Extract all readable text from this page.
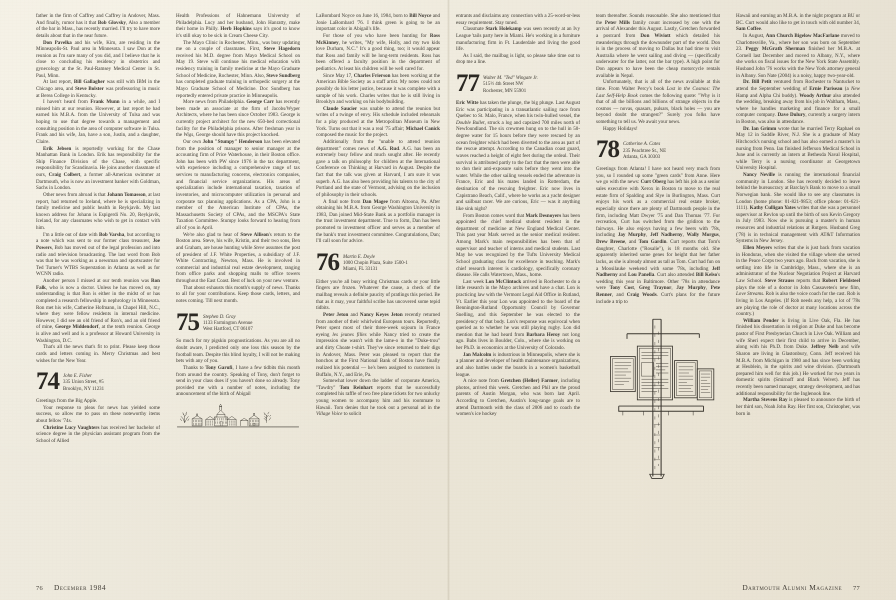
father in the firm of Caffrey and Caffrey in Andover, Mass. And finally, rumor has it that Bob Glovsky, Also a member of the bar in Mass., has recently married. I'll try to have more details about that in the near future.

Don Pavelka and his wife, Kim, are residing in the Minneapolis-St. Paul area in Minnesota. I saw Don at the reunion as I'm sure many of you did, and I believe that he is close to concluding his residency in obstetrics and gynecology at the St. Paul-Ramsey Medical Center in St. Paul, Minn.

At last report, Bill Gallagher was still with IBM in the Chicago area, and Steve Bolster was professoring in music at Berea College in Kentucky.

I haven't heard from Frank Munn in a while, and I missed him at our reunion. However, at last report he had earned his M.B.A. from the University of Tulsa and was hoping to use that degree towards a management and consulting position in the area of computer software in Tulsa. Frank and his wife, Jan, have a son, Justin, and a daughter, Claire.

Erik Jebsen is reportedly working for the Chase Manhattan Bank in London. Erik has responsibility for the Ship Finance Division of the Chase, with specific responsibility for Scandinavia. He joins another classmate of ours, Craig Colbert, a former all-American swimmer at Dartmouth, who is now an investment banker with Goldman, Sachs in London.

Other news from abroad is that Johann Tomasson, at last report, had returned to Iceland, where he is specializing in family medicine and public health in Reykjavik. My last known address for Johann is Espigerdi No. 20, Reykjavik, Iceland, for any classmates who wish to get in contact with him.

I'm a little out of date with Bob Varsha, but according to a note which was sent to our former class treasurer, Joe Powers, Bob has moved out of the legal profession and into radio and television broadcasting. The last word from Bob was that he was working as a newsman and sportscaster for Ted Turner's WTBS Superstation in Atlanta as well as for WCNN radio.

Another person I missed at our tenth reunion was Ron Falk, who is now a doctor. Unless he has moved on, my understanding is that Ron is either in the midst of or has completed a research fellowship in nephrology in Minnesota. Ron met his wife, Catherine Hofmann, in Chapel Hill, N.C., where they were fellow residents in internal medicine. However, I did see an old friend of Ron's, and an old friend of mine, George Middendorf, at the tenth reunion. George is alive and well and is a professor at Howard University in Washington, D.C.

That's all the news that's fit to print. Please keep those cards and letters coming in. Merry Christmas and best wishes for the New Year.

74 John E. Fisher
335 Union Street, #5
Brooklyn, NY 11231

Greetings from the Big Apple.

Your response to pleas for news has yielded some success, so allow me to pass on these noteworthy items about fellow '74s.

Christine Lucy Vaughters has received her bachelor of science degree in the physician assistant program from the School of Allied

Health Professions of Hahnemann University of Philadelphia. Lucy and her husband, John Hanratty, make their home in Philly. Herb Hopkins says it's good to know it's still okay to be sick in Cream Cheese City.

The Mayo Clinic in Rochester, Minn., was busy updating me on a couple of classmates. First, Steve Hagedorn received his M.D. degree from Mayo Medical School on May 19. Steve will continue his medical education with residency training in family medicine at the Mayo Graduate School of Medicine, Rochester, Minn. Also, Steve Sundberg has completed graduate training in orthopedic surgery at the Mayo Graduate School of Medicine. Doc Sundberg has reportedly entered private practice in Minneapolis.

More news from Philadelphia. George Carr has recently been made an associate at the firm of Jacobs/Wyper Architects, where he has been since October 1983. George is currently project architect for the new 650-bed correctional facility for the Philadelphia prisons. After freshman year in the Wigs, George should have this project knocked.

Our own John "Stumpy" Henderson has been elevated from the position of manager to senior manager at the accounting firm of Price Waterhouse, in their Boston office. John has been with PW since 1976 in the tax department, with experience including a comprehensive range of tax services to manufacturing concerns, electronics companies, and financial service organizations. His areas of specialization include international taxation, taxation of inventories, and microcomputer utilization in personal and corporate tax planning applications. As a CPA, John is a member of the American Institute of CPAs, the Massachusetts Society of CPAs, and the MSCPA's State Taxation Committee. Stumpy looks forward to hearing from all of you in April.

We're also glad to hear of Steve Allison's return to the Boston area. Steve, his wife, Kristin, and their two sons, Ben and Graham, are house hunting while Steve assumes the post of president of J.F. White Properties, a subsidiary of J.F. White Contracting, Newton, Mass. He is involved in commercial and industrial real estate development, ranging from office parks and shopping malls to office towers throughout the East Coast. Best of luck on your new venture.

That about exhausts this month's supply of news. Thanks to all for your contributions. Keep those cards, letters, and notes coming. Till next month.

75 Stephen D. Gray
1133 Farmington Avenue
West Hartford, CT 06107

So much for my pigskin prognostications. As you are all no doubt aware, I predicted only one loss this season by the football team. Despite this blind loyalty, I will not be making bets with any of you.

Thanks to Tony Garufi, I have a few tidbits this month from around the country. Speaking of Tony, don't forget to send in your class dues if you haven't done so already. Tony provided me with a number of notes, including the announcement of the birth of Abigail

LaBombard Noyce on June 16, 1984, born to Bill Noyce and Jonie LaBombard '76. I think green is going to be an important color in Abigail's life.

For those of you who have been hunting for Ross McKinney, he writes, "My wife, Holly, and my two kids love Durham, N.C." It's a good thing, too; it would appear that Ross and family will be long-term residents. Ross has been offered a faculty position in the department of pediatrics. At least his children will be well cared for.

Since May 17, Charles Frierson has been working at the American Bible Society as a staff artist. My notes could not possibly do his letter justice, because it was complete with a sample of his work. Charles writes that he is still living in Brooklyn and working on his bodybuilding.

Claude Saucier was unable to attend the reunion but writes of a twinge of envy. His schedule included rehearsals for a play produced at the Metropolitan Museum in New York. Turns out that it was a real '75 affair; Michael Canick composed the music for the project.

Additionally from the "unable to attend reunion department" comes news of A.G. Rud. A.G. has been an extremely busy fellow and much sought after. He recently gave a talk on philosophy for children at the International Conference on Thinking at Harvard in August. Despite the fact that the talk was given at Harvard, I am sure it was superb. A.G. has also been providing his talents to the city of Portland and the state of Vermont, advising on the inclusion of philosophy in their schools.

A final note from Dan Magee from Altoona, Pa. After obtaining his M.B.A. from George Washington University in 1983, Dan joined Mid-State Bank as a portfolio manager in the trust investment department. True to form, Dan has been promoted to investment officer and serves as a member of the bank's trust investment committee. Congratulations, Dan; I'll call soon for advice.

76 Martin E. Doyle
1000 Chopin Plaza, Suite 1500-1
Miami, FL 33131

Either you're all busy writing Christmas cards or your little fingers are frozen. Whatever the cause, a check of the mailbag reveals a definite paucity of pratlings this period. Be that as it may, your faithful scribe has uncovered some tepid tidbits.

Peter Jeton and Nancy Keyes Jeton recently returned from another of their whirlwind European tours. Reportedly, Peter spent most of their three-week sojourn in France eyeing les jeunes filles while Nancy tried to create the impression she wasn't with the lame-o in the "Duke-trou" and dirty Choate t-shirt. They've since returned to their digs in Andover, Mass. Peter was pleased to report that the honchos at the First National Bank of Boston have finally realized his potential — he's been assigned to customers in Buffalo, N.Y., and Erie, Pa.

Somewhat lower down the ladder of corporate America, "Tawdry" Tom Reinhart reports that he successfully completed his raffle of two free plane tickets for two unlucky young women to accompany him and his roommate to Hawaii. Tom denies that he took out a personal ad in the Village Voice to solicit

entrants and disclaims any connection with a 25-word-or-less essay requirement. Stay tuned.

Classmate Stark Holekamp was seen recently at an Ivy League 'tails party here in Miami. He's working in a furniture manufacturing firm in Ft. Lauderdale and living the good life.

As I said, the mailbag is light, so please take time out to drop me a line.

77 Walter M. "Ted" Wingate Jr.
515½ 4th Street NW
Rochester, MN 55901

Eric Witte has taken the plunge, the big plunge. Last August Eric was participating in a transatlantic sailing race from Quebec to St. Malo, France, when his twin-hulled vessel, the Double Bullet, struck a log and capsized 700 miles north of Newfoundland. The six crewmen hung on to the hull in 50-degree water for 15 hours before they were rescued by an ocean freighter which had been diverted to the area as part of the rescue attempt. According to the Canadian coast guard, waves reached a height of eight feet during the ordeal. Their survival is attributed partly to the fact that the men were able to don their anti-exposure suits before they went into the water. While the other sailing vessels ended the adventure in France, Eric and his mates landed in Rotterdam, the destination of the rescuing freighter. Eric now lives in Capistrano Beach, Calif., where he works as a yacht designer and sailboat racer. We are curious, Eric — was it anything like sink night?

From Boston comes word that Mark Desnoyers has been appointed the chief medical student resident in the department of medicine at New England Medical Center. This past year Mark served as the senior medical resident. Among Mark's main responsibilities has been that of supervisor and teacher of interns and medical students. Last May he was recognized by the Tufts University Medical School graduating class for excellence in teaching. Mark's chief research interest is cardiology, specifically coronary disease. He calls Watertown, Mass., home.

Last week Lon McClintock arrived in Rochester to do a little research in the Mayo archives and have a chat. Lon is practicing law with the Vermont Legal Aid Office in Rutland, Vt. Earlier this year Lon was appointed to the board of the Bennington-Rutland Opportunity Council by Governor Snelling, and this September he was elected to the presidency of that body. Lon's response was equivocal when queried as to whether he was still playing rugby. Lon did mention that he had heard from Barbara Heroy not long ago. Babs lives in Boulder, Colo., where she is working on her Ph.D. in economics at the University of Colorado.

Jan Malcolm is industrious in Minneapolis, where she is a planner and developer of health maintenance organizations, and also battles under the boards in a women's basketball league.

A nice note from Gretchen (Heller) Farmer, including photos, arrived this week. Gretchen and Phil are the proud parents of Austin Morgan, who was born last April. According to Gretchen, Austin's long-range goals are to attend Dartmouth with the class of 2006 and to coach the women's ice hockey

team thereafter. Sounds reasonable. She also mentioned that the Peter Mills family count increased by one with the arrival of Alexander this August. Lastly, Gretchen forwarded a postcard from Don Wiviott which detailed his meanderings through the downunder part of the world. Don is in the process of moving to Dallas but had time to visit Australia where he went sailing and diving — (specifically underwater for the latter, not the bar type). A high point for Don appears to have been the cheap motorcycle rentals available in Nepal.

Unfortunately, that is all of the news available at this time. From Walter Percy's book Lost in the Cosmos: The Last Self-Help Book comes the following quote: "Why is it that of all the billions and billions of strange objects in the cosmos — novas, quasars, pulsars, black holes — you are beyond doubt the strangest?" Surely you folks have something to tell us. We await your news.

Happy Holidays!

78 Catherine A. Cates
235 Peachtree St., NE
Atlanta, GA 30303

Greetings from Atlanta! I have not heard very much from you, so I rounded up some "green cards" from Anne. Here we go with the news: Curt Oberg has left his job as a senior sales executive with Xerox in Boston to move to the real estate firm of Spalding and Slye in Burlington, Mass. Curt enjoys his work as a commercial real estate broker, especially since there are plenty of Dartmouth people in the firm, including Matt Dwyer '75 and Dan Thomas '77. For recreation, Curt has switched from the gridiron to the fairways. He also enjoys having a few beers with '78s, including Jay Murphy, Jeff Nadherny, Wally Morgus, Drew Breene, and Tom Gardin. Curt reports that Tom's daughter, Charlotte ("Rosalie"), is 18 months old. She apparently inherited some genes for height that her father lacks, as she is already almost as tall as Tom. Curt had fun on a Moosilauke weekend with some '78s, including Jeff Nadherny and Lou Panella. Curt also attended Bill Kelso's wedding this year in Baltimore. Other '78s in attendance were Tony Cost, Greg Traynor, Jay Murphy, Pete Renner, and Craig Woods. Curt's plans for the future include a trip to

Hawaii and earning an M.B.A. in the night program at BU or BC. Curt would also like to get in touch with old number 34, Sam Coffee.

In August, Ann Church Bigelow MacFarlane moved to Charlottesville, Va., where her son was born on September 23. Peggy McGrath Sherman finished her M.B.A. at Cornell last December and moved to Albany, N.Y., where she works on fiscal issues for the New York State Assembly. Husband John '76 works with the New York attorney general in Albany. Son Nate (2004) is a noisy, happy two-year-old.

Dr. Bill Petit ventured from Rochester to Nantucket to attend the September wedding of Ernie Pariseau (a New Hamp and Alpha Chi buddy). Woody Arthur also attended the wedding, breaking away from his job in Waltham, Mass., where he handles marketing and finance for a small computer company. Dave Dulury, currently a surgery intern in Boston, was also in attendance.

Dr. Ian Grimm wrote that he married Terry Raphael on May 12 in Saddle River, N.J. She is a graduate of Mary Hitchcock's nursing school and has also earned a master's in nursing from Penn. Ian finished Jefferson Medical School in June and is currently an intern at Bethesda Naval Hospital, while Terry is a nursing coordinator at Georgetown University Hospital.

Nancy Neville is running the international financial community in London. She has recently decided to leave behind the bureaucracy at Barclay's Bank to move to a small Norwegian bank. She would like to see any classmates in London (home phone: 01-821-9853; office phone: 01-621-1111). Kathy Culligan Yates writes that she was a personnel supervisor at Revlon up until the birth of son Kevin Gregory in July 1983. Now she is pursuing a master's in human resources and industrial relations at Rutgers. Husband Greg ('78) is in technical management with AT&T Information Systems in New Jersey.

Ellen Meyers writes that she is just back from vacation in Honduras, when she visited the village where she served in the Peace Corps two years ago. Back from vacation, she is settling into life in Cambridge, Mass., where she is an administrator of the Nuclear Negotiation Project at Harvard Law School. Steve Strauss reports that Robert Fieldsteel plays the role of a doctor in John Cassavetes's new film, Love Streams. Rob is also the voice coach for the cast. Rob is living in Los Angeles. (If Rob needs any help, a lot of '78s are playing the role of doctor at many locations across the country.)

William Pender is living in Live Oak, Fla. He has finished his dissertation in religion at Duke and has become pastor of First Presbyterian Church in Live Oak. William and wife Sheri expect their first child to arrive in December, along with his Ph.D. from Duke. Jeffrey Nelb and wife Sharon are living in Glastonbury, Conn. Jeff received his M.B.A. from Michigan in 1980 and has since been working at Heublein, in the spirits and wine division. (Dartmouth prepared him well for this job.) He worked for two years in domestic spirits (Smirnoff and Black Velvet). Jeff has recently been named manager, strategy development, and has additional responsibility for the Inglenook line.

Martha Stevens Ray is pleased to announce the birth of her third son, Noah John Ray. Her first son, Christopher, was born in

76 December 1984	Dartmouth Alumni Magazine 77
